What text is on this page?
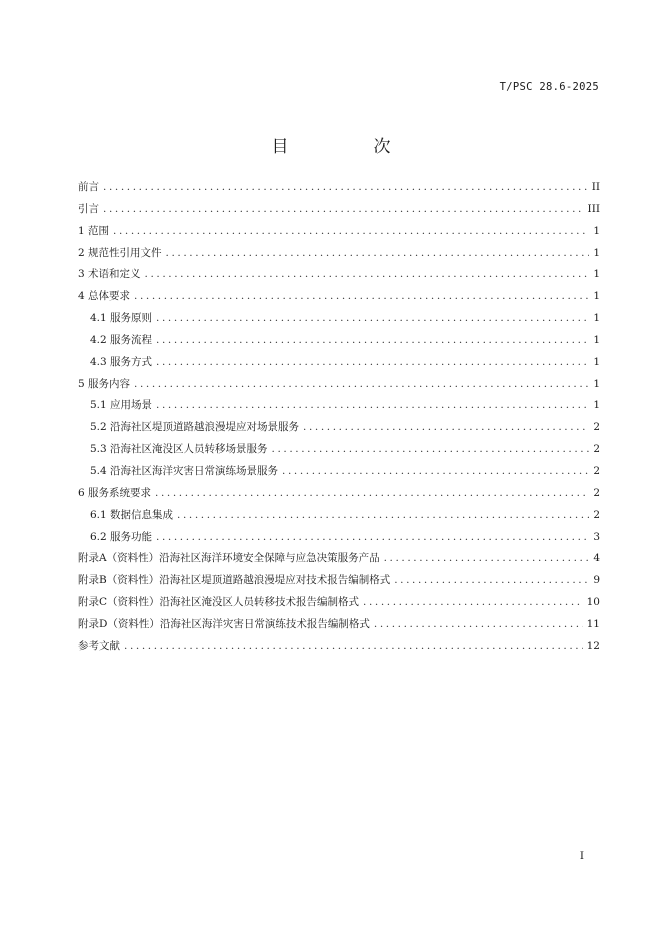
T/PSC 28.6-2025
目　次
前言 .....	II
引言 .....	III
1 范围 .....	1
2 规范性引用文件 .....	1
3 术语和定义 .....	1
4 总体要求 .....	1
4.1 服务原则 .....	1
4.2 服务流程 .....	1
4.3 服务方式 .....	1
5 服务内容 .....	1
5.1 应用场景 .....	1
5.2 沿海社区堤顶道路越浪漫堤应对场景服务 .....	2
5.3 沿海社区淹没区人员转移场景服务 .....	2
5.4 沿海社区海洋灾害日常演练场景服务 .....	2
6 服务系统要求 .....	2
6.1 数据信息集成 .....	2
6.2 服务功能 .....	3
附录A（资料性）沿海社区海洋环境安全保障与应急决策服务产品 .....	4
附录B（资料性）沿海社区堤顶道路越浪漫堤应对技术报告编制格式 .....	9
附录C（资料性）沿海社区淹没区人员转移技术报告编制格式 .....	10
附录D（资料性）沿海社区海洋灾害日常演练技术报告编制格式 .....	11
参考文献 .....	12
I
